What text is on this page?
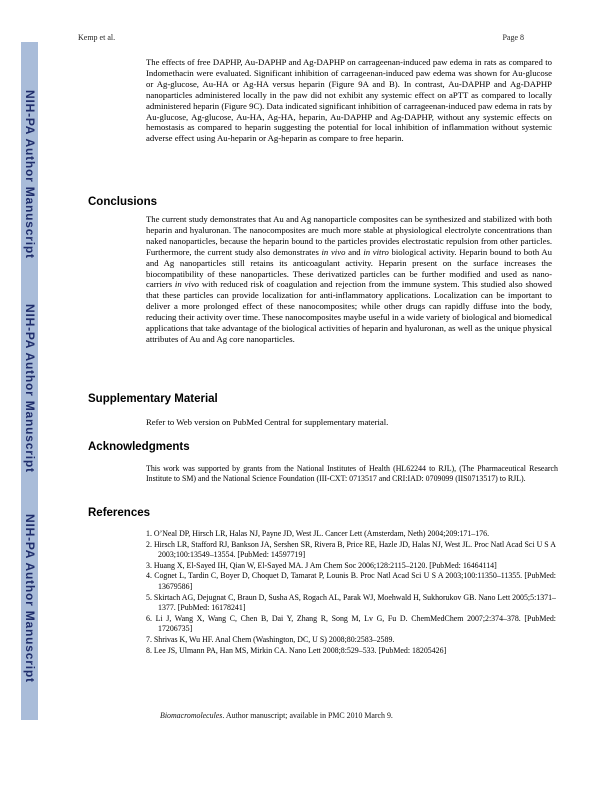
Kemp et al.	Page 8
NIH-PA Author Manuscript
NIH-PA Author Manuscript
NIH-PA Author Manuscript
The effects of free DAPHP, Au-DAPHP and Ag-DAPHP on carrageenan-induced paw edema in rats as compared to Indomethacin were evaluated. Significant inhibition of carrageenan-induced paw edema was shown for Au-glucose or Ag-glucose, Au-HA or Ag-HA versus heparin (Figure 9A and B). In contrast, Au-DAPHP and Ag-DAPHP nanoparticles administered locally in the paw did not exhibit any systemic effect on aPTT as compared to locally administered heparin (Figure 9C). Data indicated significant inhibition of carrageenan-induced paw edema in rats by Au-glucose, Ag-glucose, Au-HA, Ag-HA, heparin, Au-DAPHP and Ag-DAPHP, without any systemic effects on hemostasis as compared to heparin suggesting the potential for local inhibition of inflammation without systemic adverse effect using Au-heparin or Ag-heparin as compare to free heparin.
Conclusions
The current study demonstrates that Au and Ag nanoparticle composites can be synthesized and stabilized with both heparin and hyaluronan. The nanocomposites are much more stable at physiological electrolyte concentrations than naked nanoparticles, because the heparin bound to the particles provides electrostatic repulsion from other particles. Furthermore, the current study also demonstrates in vivo and in vitro biological activity. Heparin bound to both Au and Ag nanoparticles still retains its anticoagulant activity. Heparin present on the surface increases the biocompatibility of these nanoparticles. These derivatized particles can be further modified and used as nano-carriers in vivo with reduced risk of coagulation and rejection from the immune system. This studied also showed that these particles can provide localization for anti-inflammatory applications. Localization can be important to deliver a more prolonged effect of these nanocomposites; while other drugs can rapidly diffuse into the body, reducing their activity over time. These nanocomposites maybe useful in a wide variety of biological and biomedical applications that take advantage of the biological activities of heparin and hyaluronan, as well as the unique physical attributes of Au and Ag core nanoparticles.
Supplementary Material
Refer to Web version on PubMed Central for supplementary material.
Acknowledgments
This work was supported by grants from the National Institutes of Health (HL62244 to RJL), (The Pharmaceutical Research Institute to SM) and the National Science Foundation (III-CXT: 0713517 and CRI:IAD: 0709099 (IIS0713517) to RJL).
References
1. O’Neal DP, Hirsch LR, Halas NJ, Payne JD, West JL. Cancer Lett (Amsterdam, Neth) 2004;209:171–176.
2. Hirsch LR, Stafford RJ, Bankson JA, Sershen SR, Rivera B, Price RE, Hazle JD, Halas NJ, West JL. Proc Natl Acad Sci U S A 2003;100:13549–13554. [PubMed: 14597719]
3. Huang X, El-Sayed IH, Qian W, El-Sayed MA. J Am Chem Soc 2006;128:2115–2120. [PubMed: 16464114]
4. Cognet L, Tardin C, Boyer D, Choquet D, Tamarat P, Lounis B. Proc Natl Acad Sci U S A 2003;100:11350–11355. [PubMed: 13679586]
5. Skirtach AG, Dejugnat C, Braun D, Susha AS, Rogach AL, Parak WJ, Moehwald H, Sukhorukov GB. Nano Lett 2005;5:1371–1377. [PubMed: 16178241]
6. Li J, Wang X, Wang C, Chen B, Dai Y, Zhang R, Song M, Lv G, Fu D. ChemMedChem 2007;2:374–378. [PubMed: 17206735]
7. Shrivas K, Wu HF. Anal Chem (Washington, DC, U S) 2008;80:2583–2589.
8. Lee JS, Ulmann PA, Han MS, Mirkin CA. Nano Lett 2008;8:529–533. [PubMed: 18205426]
Biomacromolecules. Author manuscript; available in PMC 2010 March 9.
